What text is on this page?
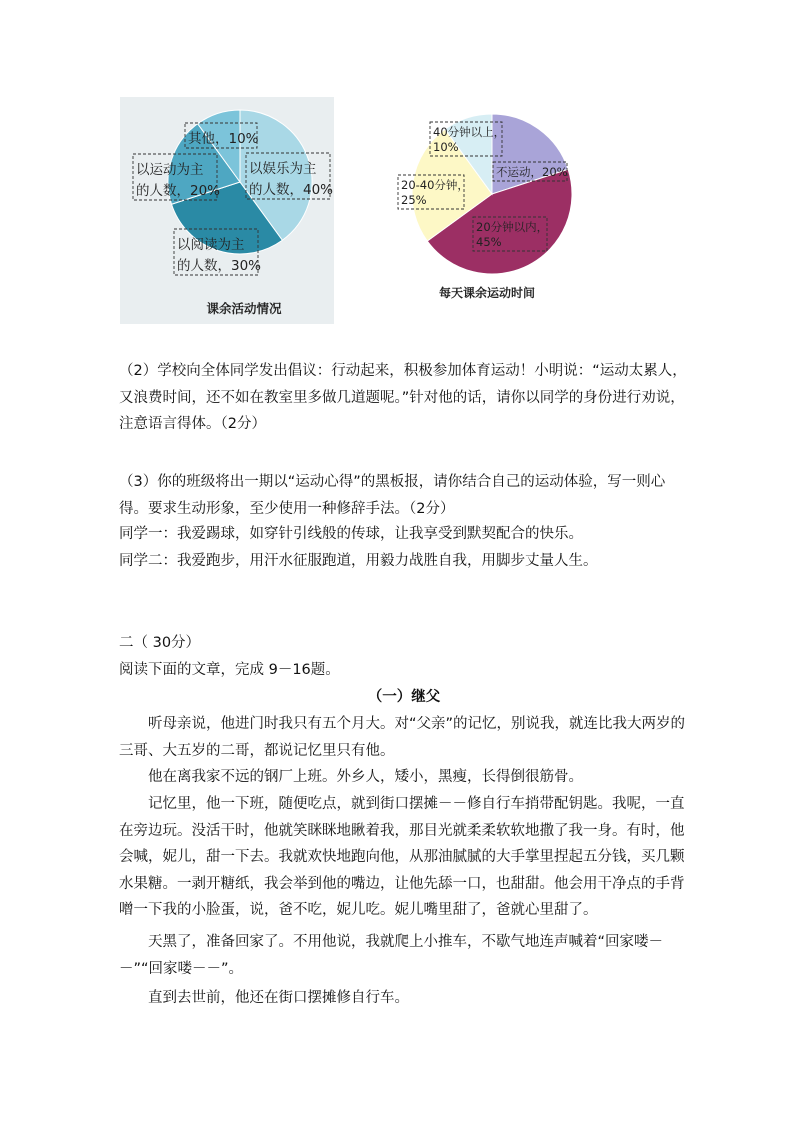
以娱乐为主
的人数，40%
以阅读为主
的人数，30%
以运动为主
的人数，20%
其他，10%
课余活动情况
不运动，20%
20分钟以内，
45%
20-40分钟，
25%
40分钟以上，
10%
每天课余运动时间

（2）学校向全体同学发出倡议：行动起来，积极参加体育运动！小明说：“运动太累人，又浪费时间，还不如在教室里多做几道题呢。”针对他的话，请你以同学的身份进行劝说，注意语言得体。（2分）

（3）你的班级将出一期以“运动心得”的黑板报，请你结合自己的运动体验，写一则心得。要求生动形象，至少使用一种修辞手法。（2分）

同学一：我爱踢球，如穿针引线般的传球，让我享受到默契配合的快乐。

同学二：我爱跑步，用汗水征服跑道，用毅力战胜自我，用脚步丈量人生。

二（ 30分）

阅读下面的文章，完成 9－16题。

（一）继父

听母亲说，他进门时我只有五个月大。对“父亲”的记忆，别说我，就连比我大两岁的三哥、大五岁的二哥，都说记忆里只有他。

他在离我家不远的钢厂上班。外乡人，矮小，黑瘦，长得倒很筋骨。

记忆里，他一下班，随便吃点，就到街口摆摊－－修自行车捎带配钥匙。我呢，一直在旁边玩。没活干时，他就笑眯眯地瞅着我，那目光就柔柔软软地撒了我一身。有时，他会喊，妮儿，甜一下去。我就欢快地跑向他，从那油腻腻的大手掌里捏起五分钱，买几颗水果糖。一剥开糖纸，我会举到他的嘴边，让他先舔一口，也甜甜。他会用干净点的手背噌一下我的小脸蛋，说，爸不吃，妮儿吃。妮儿嘴里甜了，爸就心里甜了。

天黑了，准备回家了。不用他说，我就爬上小推车，不歇气地连声喊着“回家喽－－”“回家喽－－”。

直到去世前，他还在街口摆摊修自行车。
